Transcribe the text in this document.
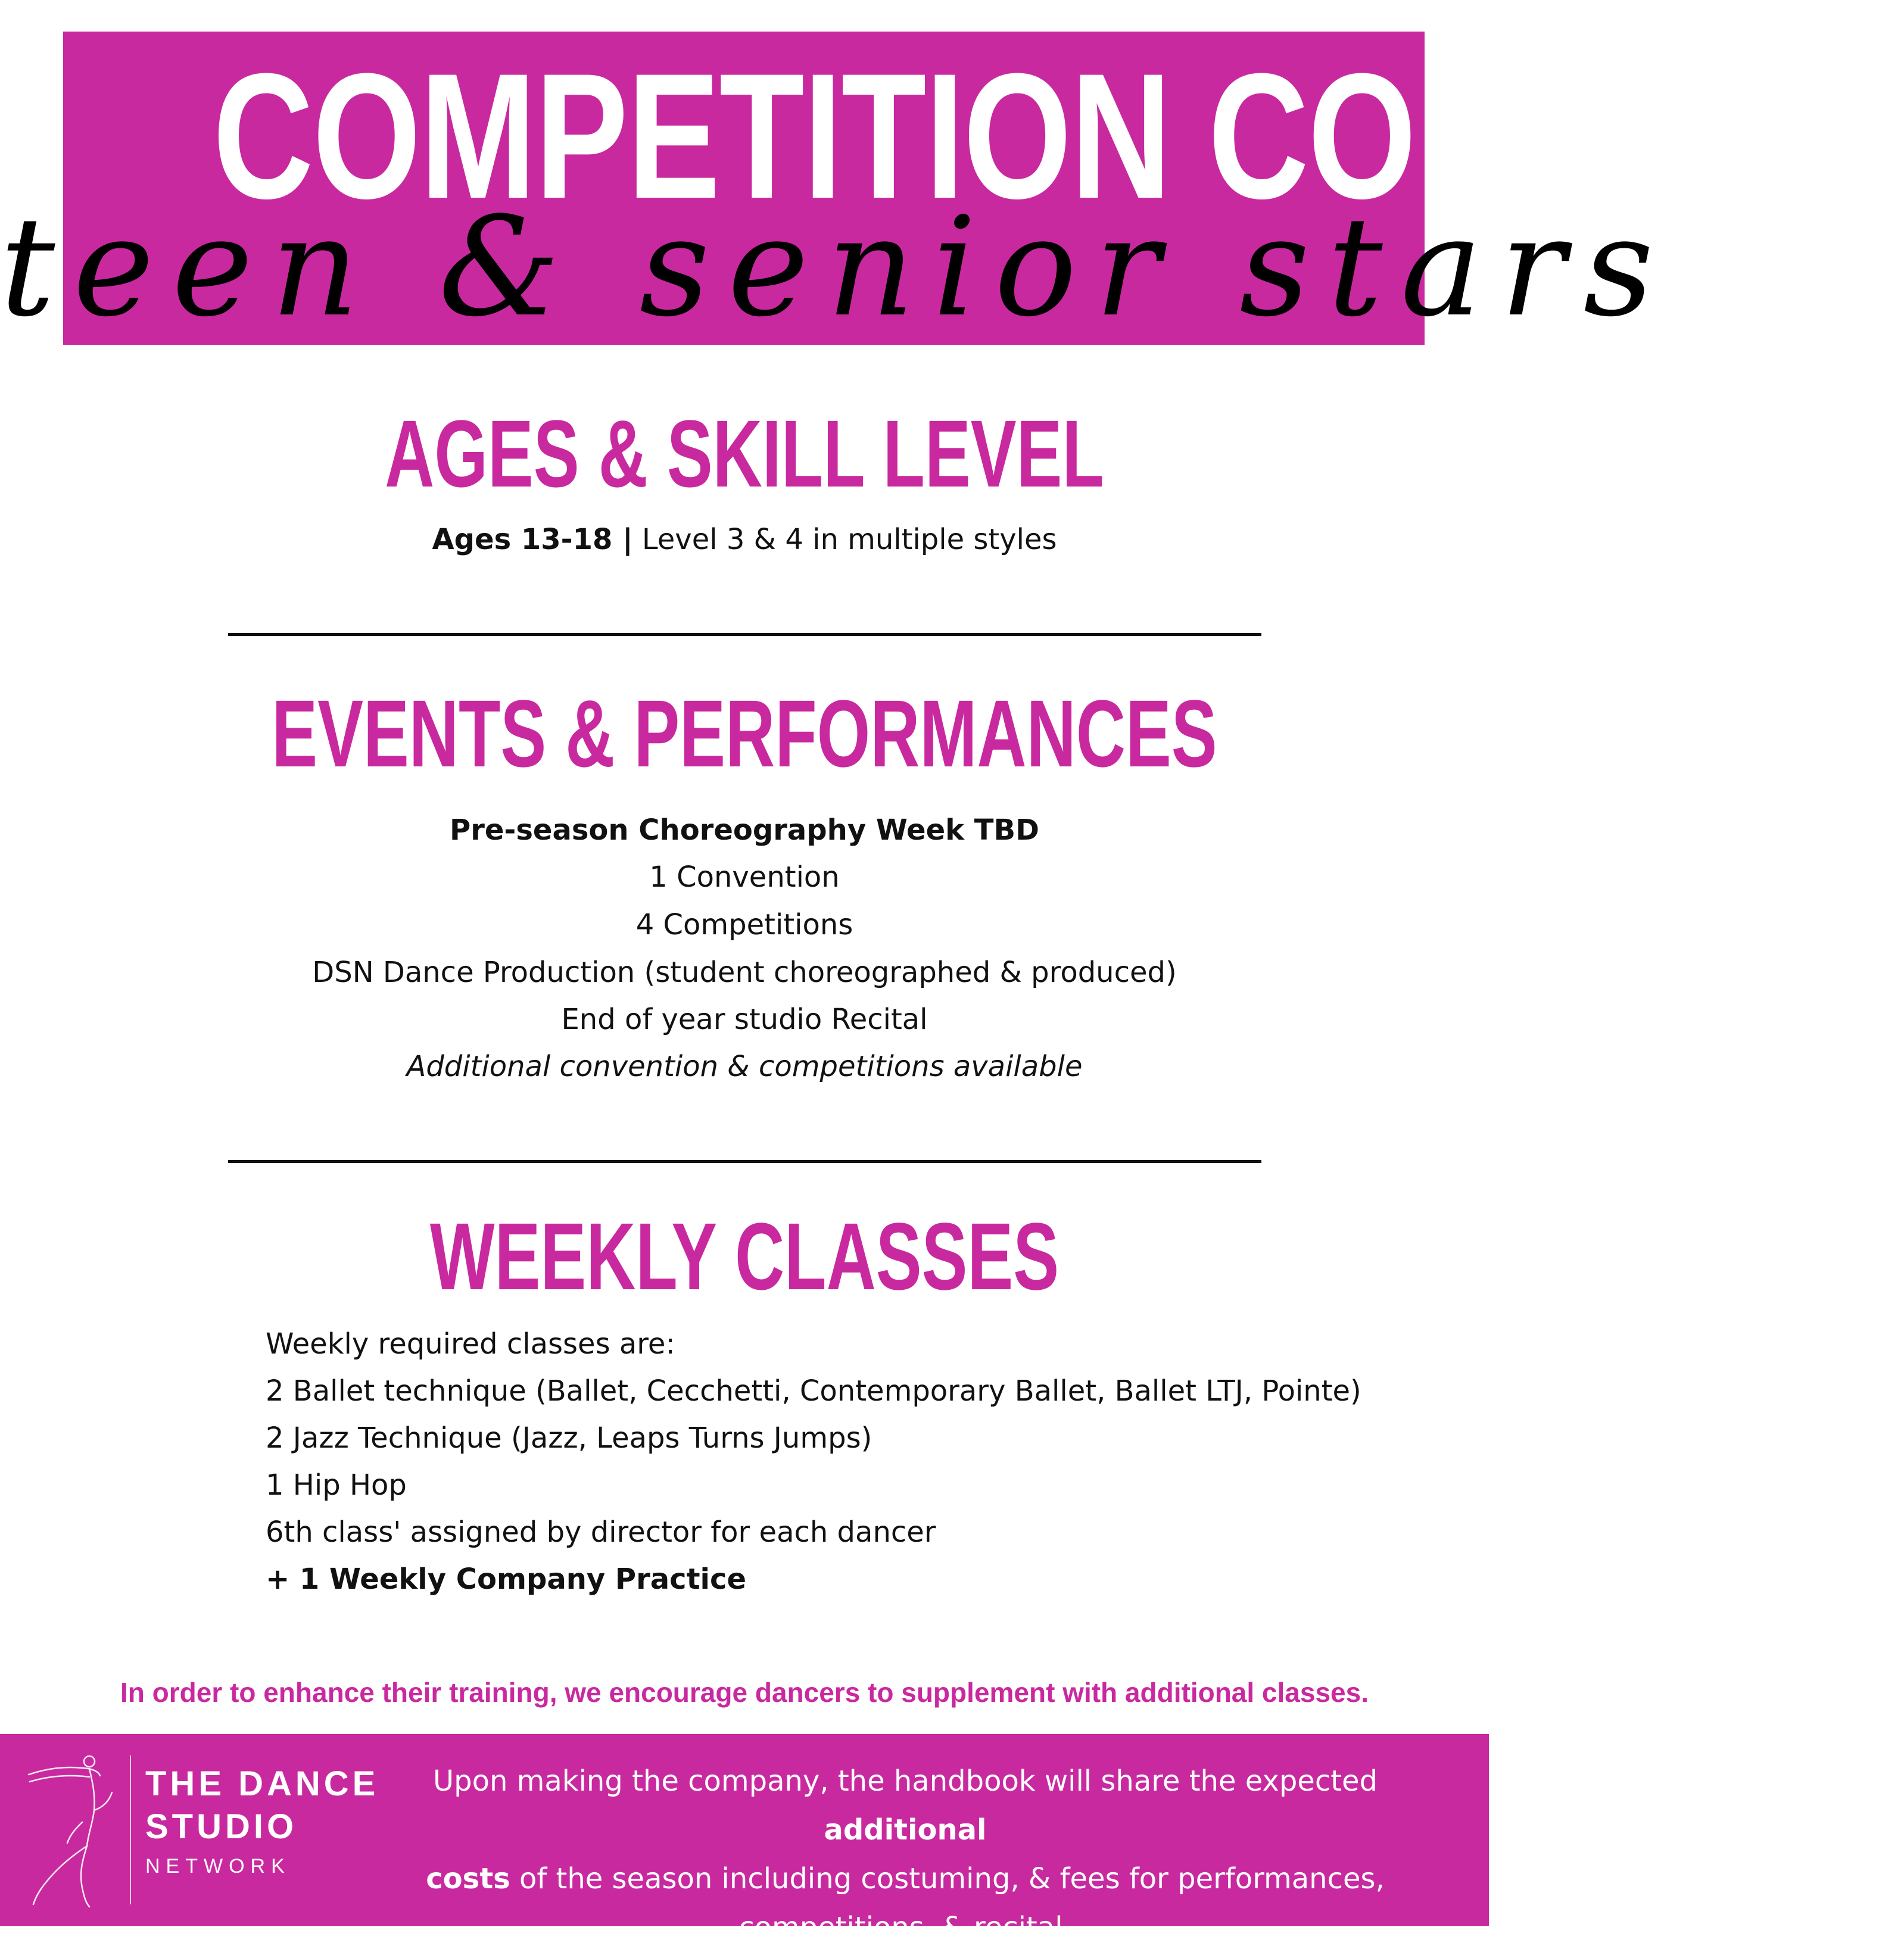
COMPETITION COMPANY
teen & senior stars
AGES & SKILL LEVEL
Ages 13-18 | Level 3 & 4 in multiple styles
EVENTS & PERFORMANCES
Pre-season Choreography Week TBD
1 Convention
4 Competitions
DSN Dance Production (student choreographed & produced)
End of year studio Recital
Additional convention & competitions available
WEEKLY CLASSES
Weekly required classes are:
2 Ballet technique (Ballet, Cecchetti, Contemporary Ballet, Ballet LTJ, Pointe)
2 Jazz Technique (Jazz, Leaps Turns Jumps)
1 Hip Hop
6th class' assigned by director for each dancer
+ 1 Weekly Company Practice
In order to enhance their training, we encourage dancers to supplement with additional classes.
THE DANCE
STUDIO
NETWORK
Upon making the company, the handbook will share the expected additional
costs of the season including costuming, & fees for performances,
competitions, & recital.
